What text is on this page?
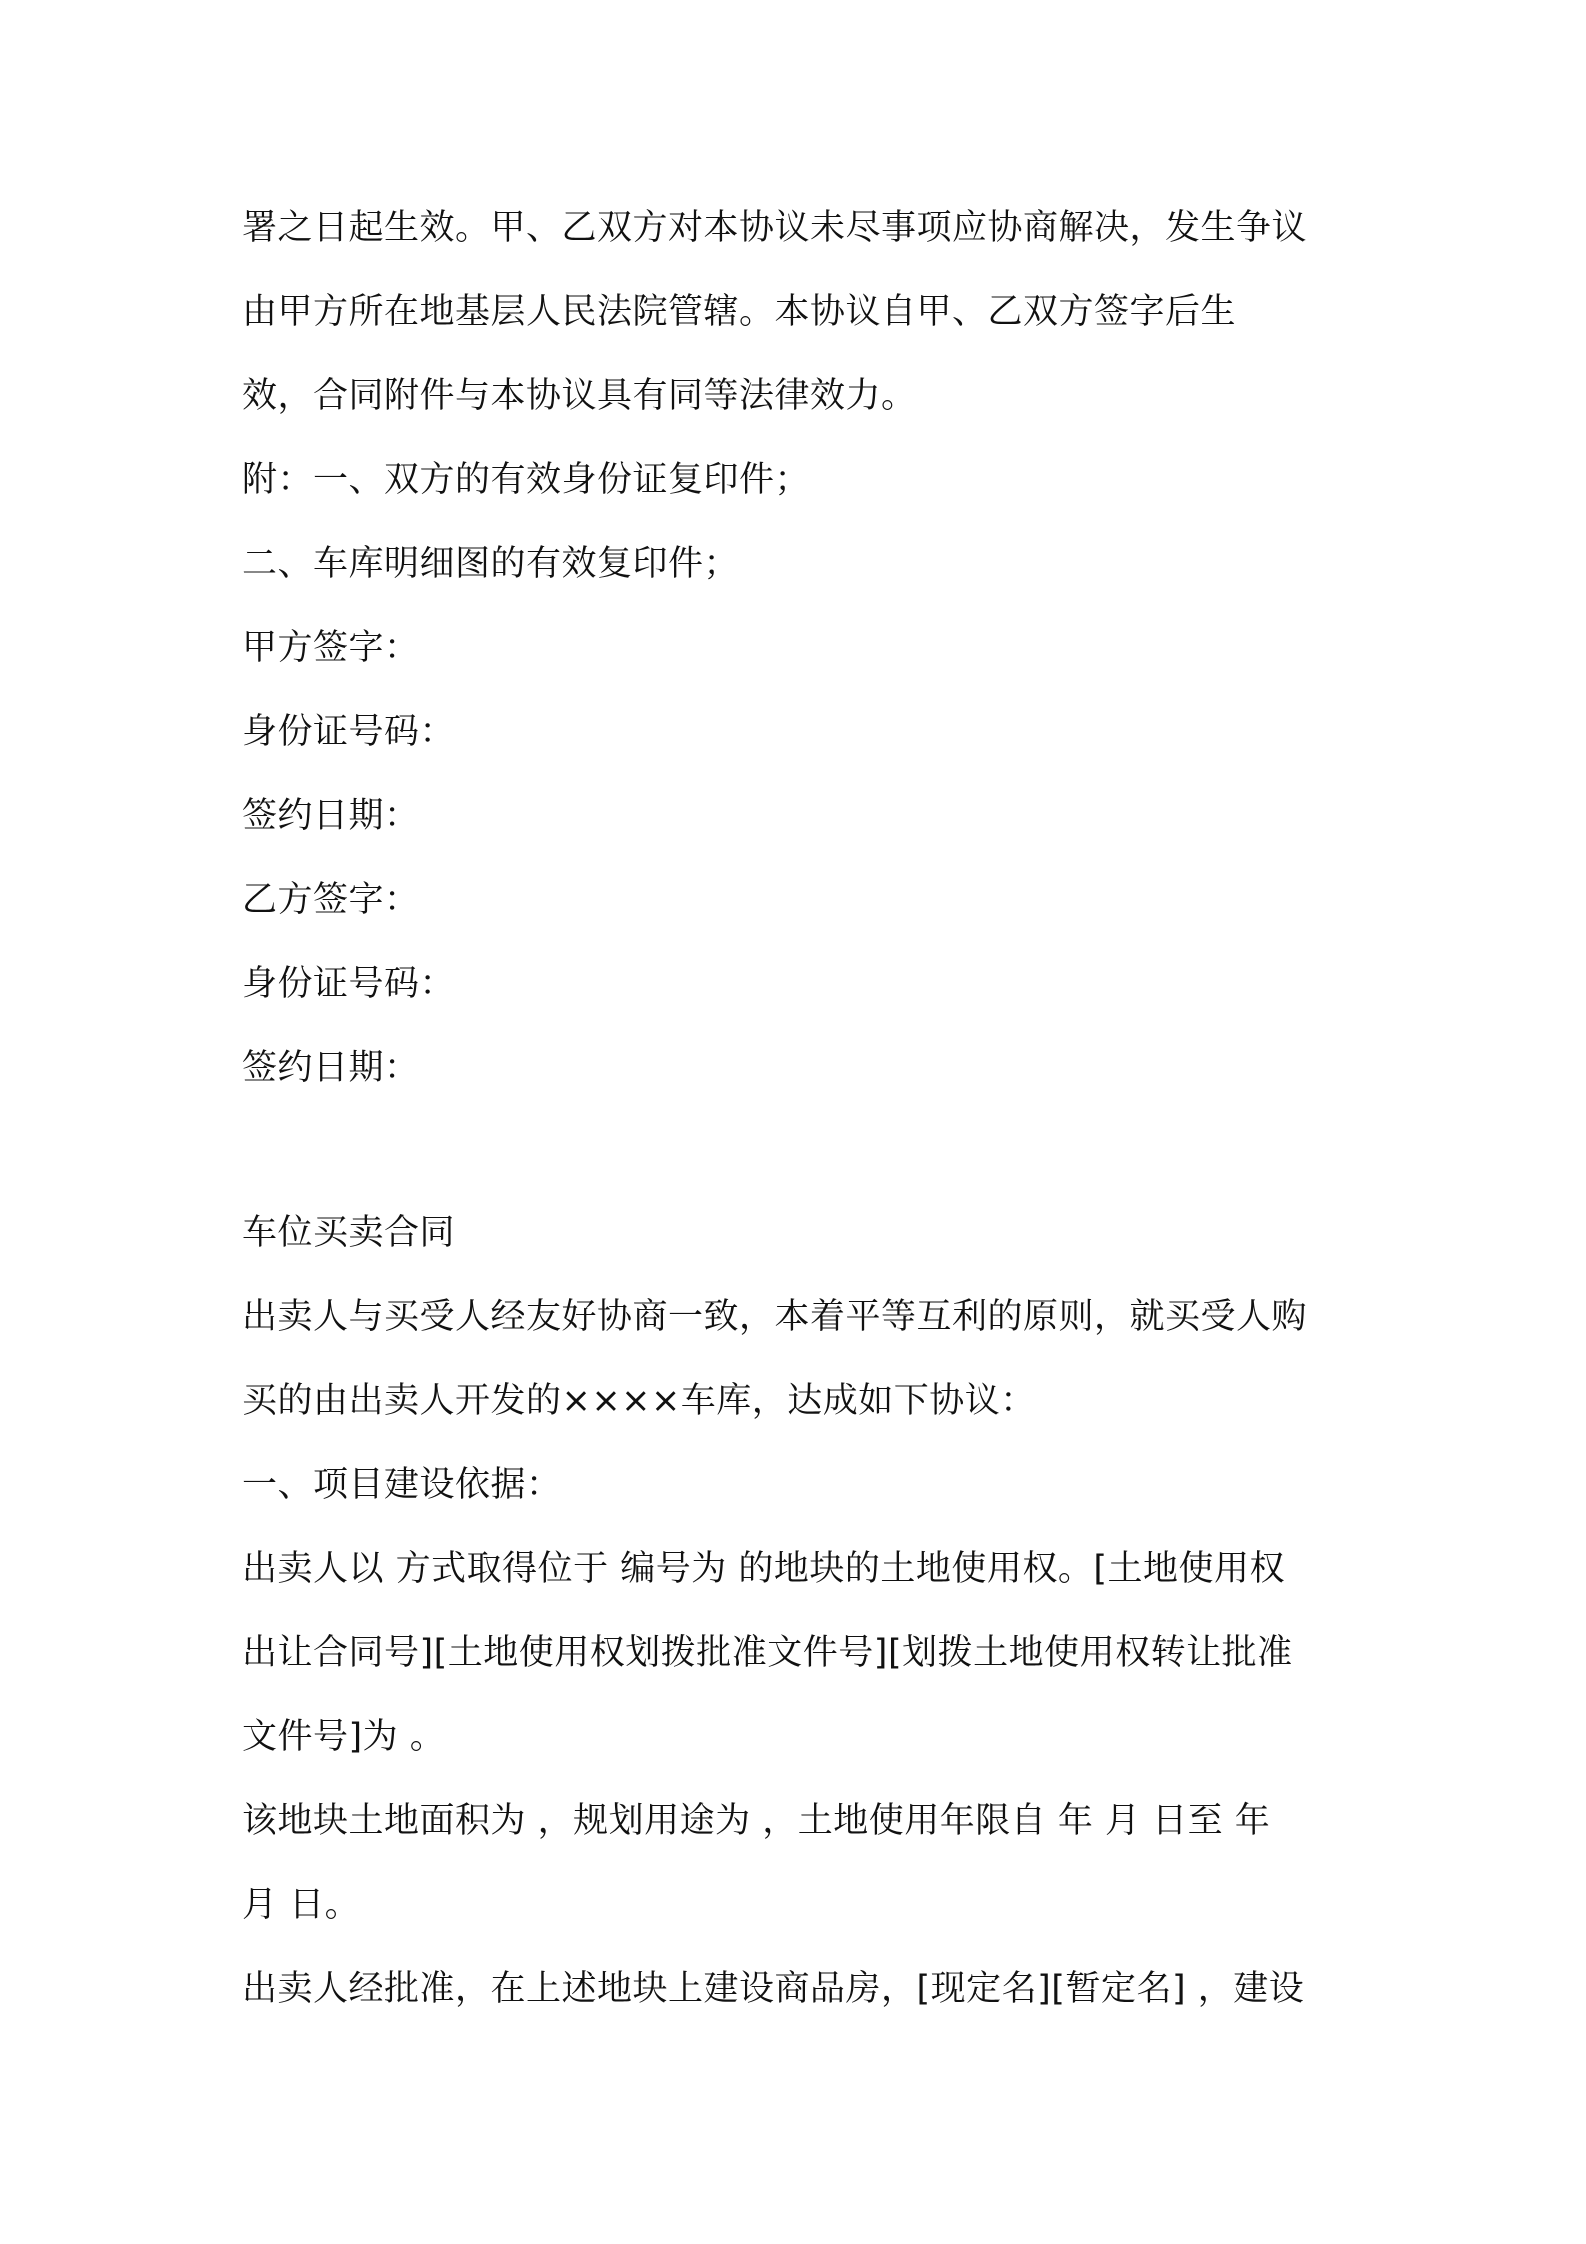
署之日起生效。甲、乙双方对本协议未尽事项应协商解决，发生争议
由甲方所在地基层人民法院管辖。本协议自甲、乙双方签字后生
效，合同附件与本协议具有同等法律效力。
附：一、双方的有效身份证复印件；
二、车库明细图的有效复印件；
甲方签字：
身份证号码：
签约日期：
乙方签字：
身份证号码：
签约日期：
车位买卖合同
出卖人与买受人经友好协商一致，本着平等互利的原则，就买受人购
买的由出卖人开发的××××车库，达成如下协议：
一、项目建设依据：
出卖人以 方式取得位于 编号为 的地块的土地使用权。[土地使用权
出让合同号][土地使用权划拨批准文件号][划拨土地使用权转让批准
文件号]为 。
该地块土地面积为 ，规划用途为 ，土地使用年限自 年 月 日至 年
月 日。
出卖人经批准，在上述地块上建设商品房，[现定名][暂定名] ，建设
